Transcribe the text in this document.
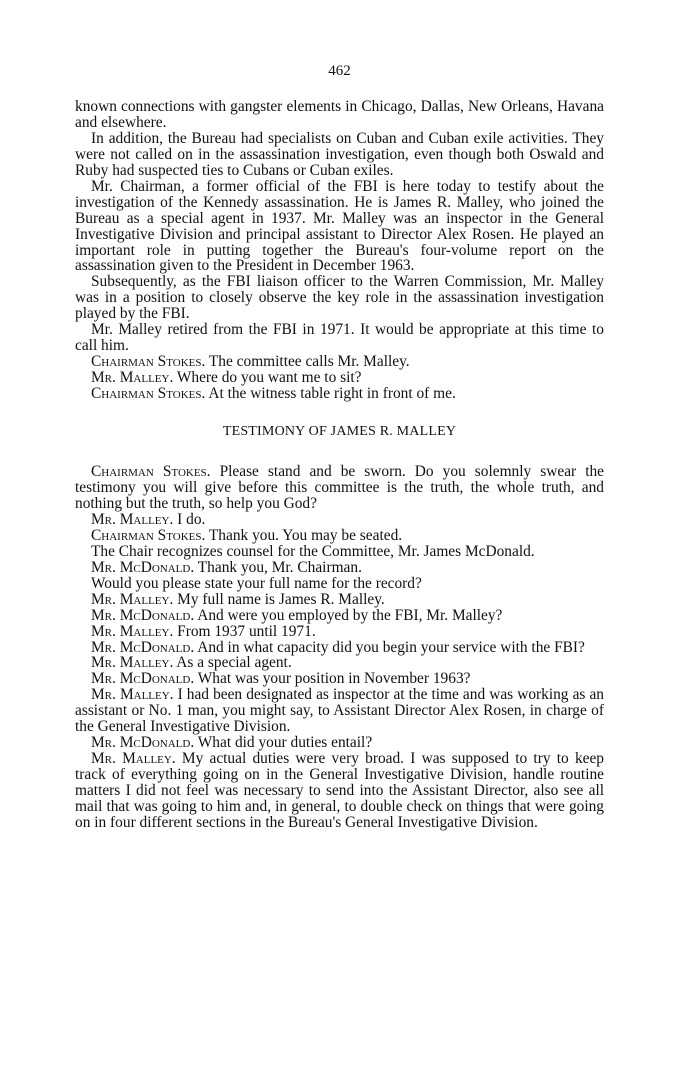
462

known connections with gangster elements in Chicago, Dallas, New Orleans, Havana and elsewhere.

In addition, the Bureau had specialists on Cuban and Cuban exile activities. They were not called on in the assassination investigation, even though both Oswald and Ruby had suspected ties to Cubans or Cuban exiles.

Mr. Chairman, a former official of the FBI is here today to testify about the investigation of the Kennedy assassination. He is James R. Malley, who joined the Bureau as a special agent in 1937. Mr. Malley was an inspector in the General Investigative Division and principal assistant to Director Alex Rosen. He played an important role in putting together the Bureau's four-volume report on the assassination given to the President in December 1963.

Subsequently, as the FBI liaison officer to the Warren Commission, Mr. Malley was in a position to closely observe the key role in the assassination investigation played by the FBI.

Mr. Malley retired from the FBI in 1971. It would be appropriate at this time to call him.

Chairman Stokes. The committee calls Mr. Malley.

Mr. Malley. Where do you want me to sit?

Chairman Stokes. At the witness table right in front of me.

TESTIMONY OF JAMES R. MALLEY

Chairman Stokes. Please stand and be sworn. Do you solemnly swear the testimony you will give before this committee is the truth, the whole truth, and nothing but the truth, so help you God?

Mr. Malley. I do.

Chairman Stokes. Thank you. You may be seated.

The Chair recognizes counsel for the Committee, Mr. James McDonald.

Mr. McDonald. Thank you, Mr. Chairman.

Would you please state your full name for the record?

Mr. Malley. My full name is James R. Malley.

Mr. McDonald. And were you employed by the FBI, Mr. Malley?

Mr. Malley. From 1937 until 1971.

Mr. McDonald. And in what capacity did you begin your service with the FBI?

Mr. Malley. As a special agent.

Mr. McDonald. What was your position in November 1963?

Mr. Malley. I had been designated as inspector at the time and was working as an assistant or No. 1 man, you might say, to Assistant Director Alex Rosen, in charge of the General Investigative Division.

Mr. McDonald. What did your duties entail?

Mr. Malley. My actual duties were very broad. I was supposed to try to keep track of everything going on in the General Investigative Division, handle routine matters I did not feel was necessary to send into the Assistant Director, also see all mail that was going to him and, in general, to double check on things that were going on in four different sections in the Bureau's General Investigative Division.
